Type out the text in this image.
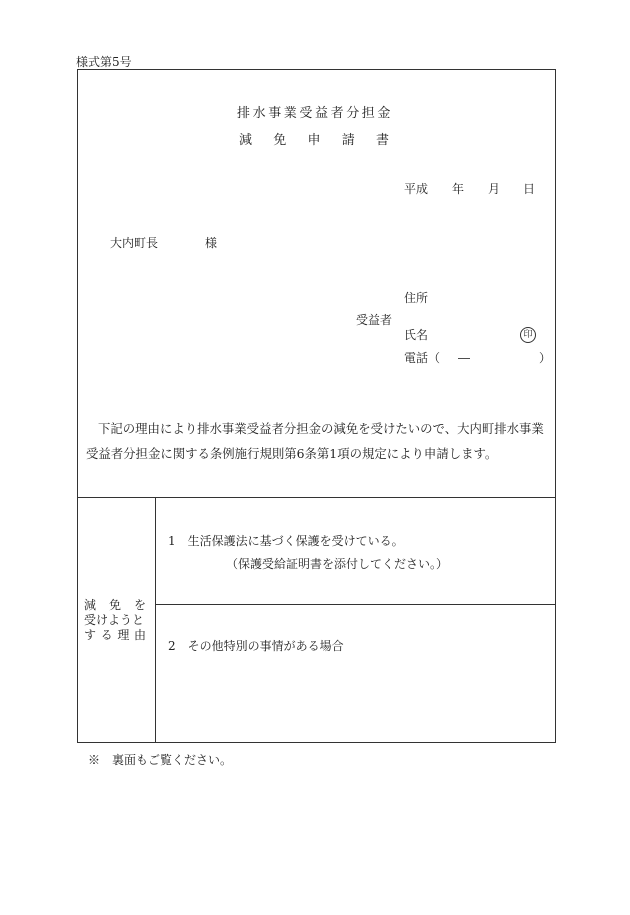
様式第5号
排水事業受益者分担金
減 免 申 請 書
平成 年 月 日
大内町長	様
住所
受益者
氏名	印
電話（ ―	）
下記の理由により排水事業受益者分担金の減免を受けたいので、大内町排水事業受益者分担金に関する条例施行規則第6条第1項の規定により申請します。
減 免 を
受けようと
す る 理 由
1　生活保護法に基づく保護を受けている。
（保護受給証明書を添付してください。）
2　その他特別の事情がある場合
※　裏面もご覧ください。
